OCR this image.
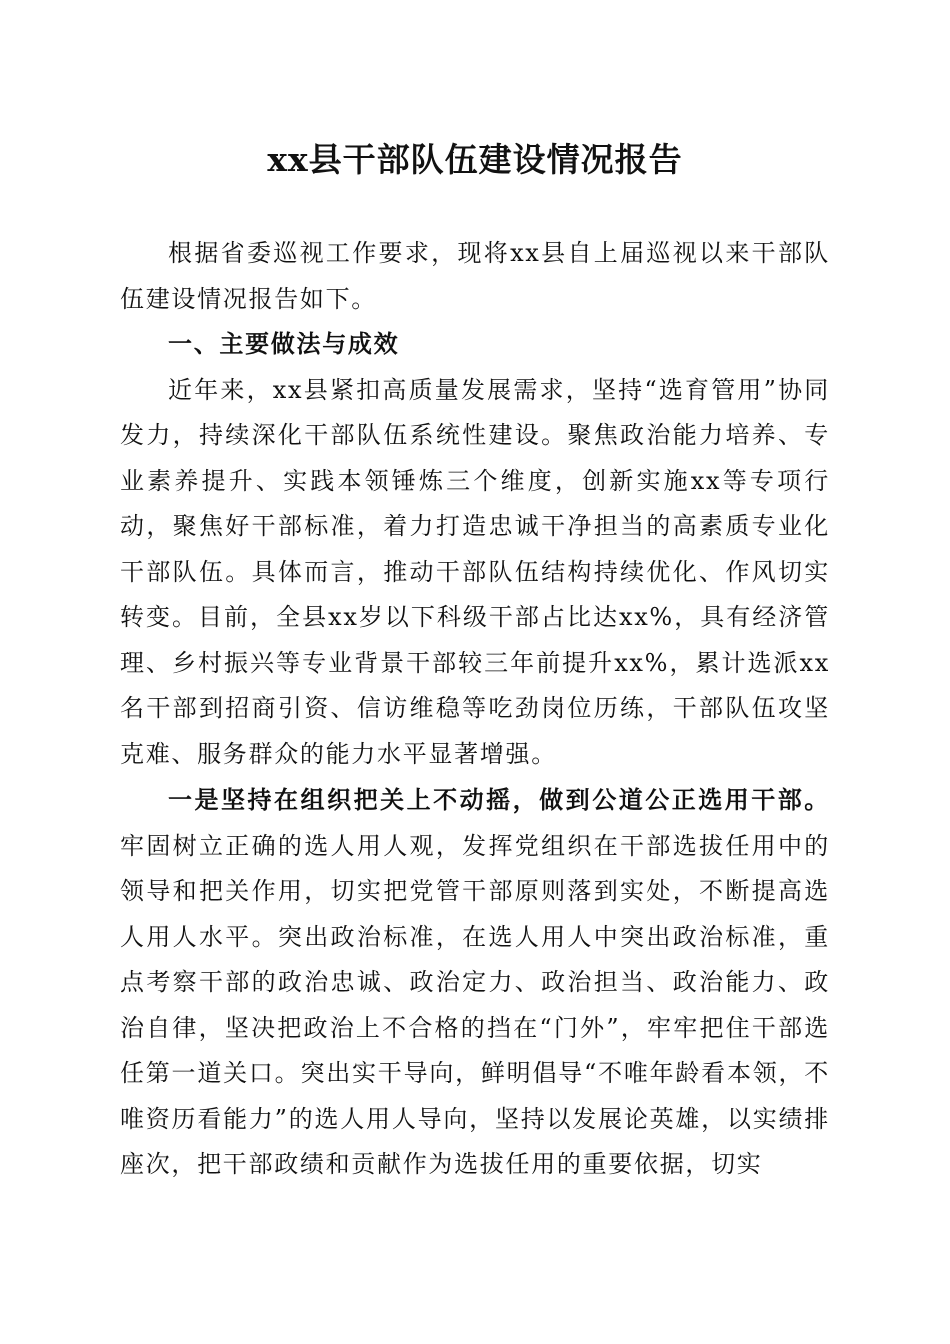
xx县干部队伍建设情况报告

根据省委巡视工作要求，现将xx县自上届巡视以来干部队伍建设情况报告如下。

一、主要做法与成效

近年来，xx县紧扣高质量发展需求，坚持“选育管用”协同发力，持续深化干部队伍系统性建设。聚焦政治能力培养、专业素养提升、实践本领锤炼三个维度，创新实施xx等专项行动，聚焦好干部标准，着力打造忠诚干净担当的高素质专业化干部队伍。具体而言，推动干部队伍结构持续优化、作风切实转变。目前，全县xx岁以下科级干部占比达xx%，具有经济管理、乡村振兴等专业背景干部较三年前提升xx%，累计选派xx名干部到招商引资、信访维稳等吃劲岗位历练，干部队伍攻坚克难、服务群众的能力水平显著增强。

一是坚持在组织把关上不动摇，做到公道公正选用干部。牢固树立正确的选人用人观，发挥党组织在干部选拔任用中的领导和把关作用，切实把党管干部原则落到实处，不断提高选人用人水平。突出政治标准，在选人用人中突出政治标准，重点考察干部的政治忠诚、政治定力、政治担当、政治能力、政治自律，坚决把政治上不合格的挡在“门外”，牢牢把住干部选任第一道关口。突出实干导向，鲜明倡导“不唯年龄看本领，不唯资历看能力”的选人用人导向，坚持以发展论英雄，以实绩排座次，把干部政绩和贡献作为选拔任用的重要依据，切实
